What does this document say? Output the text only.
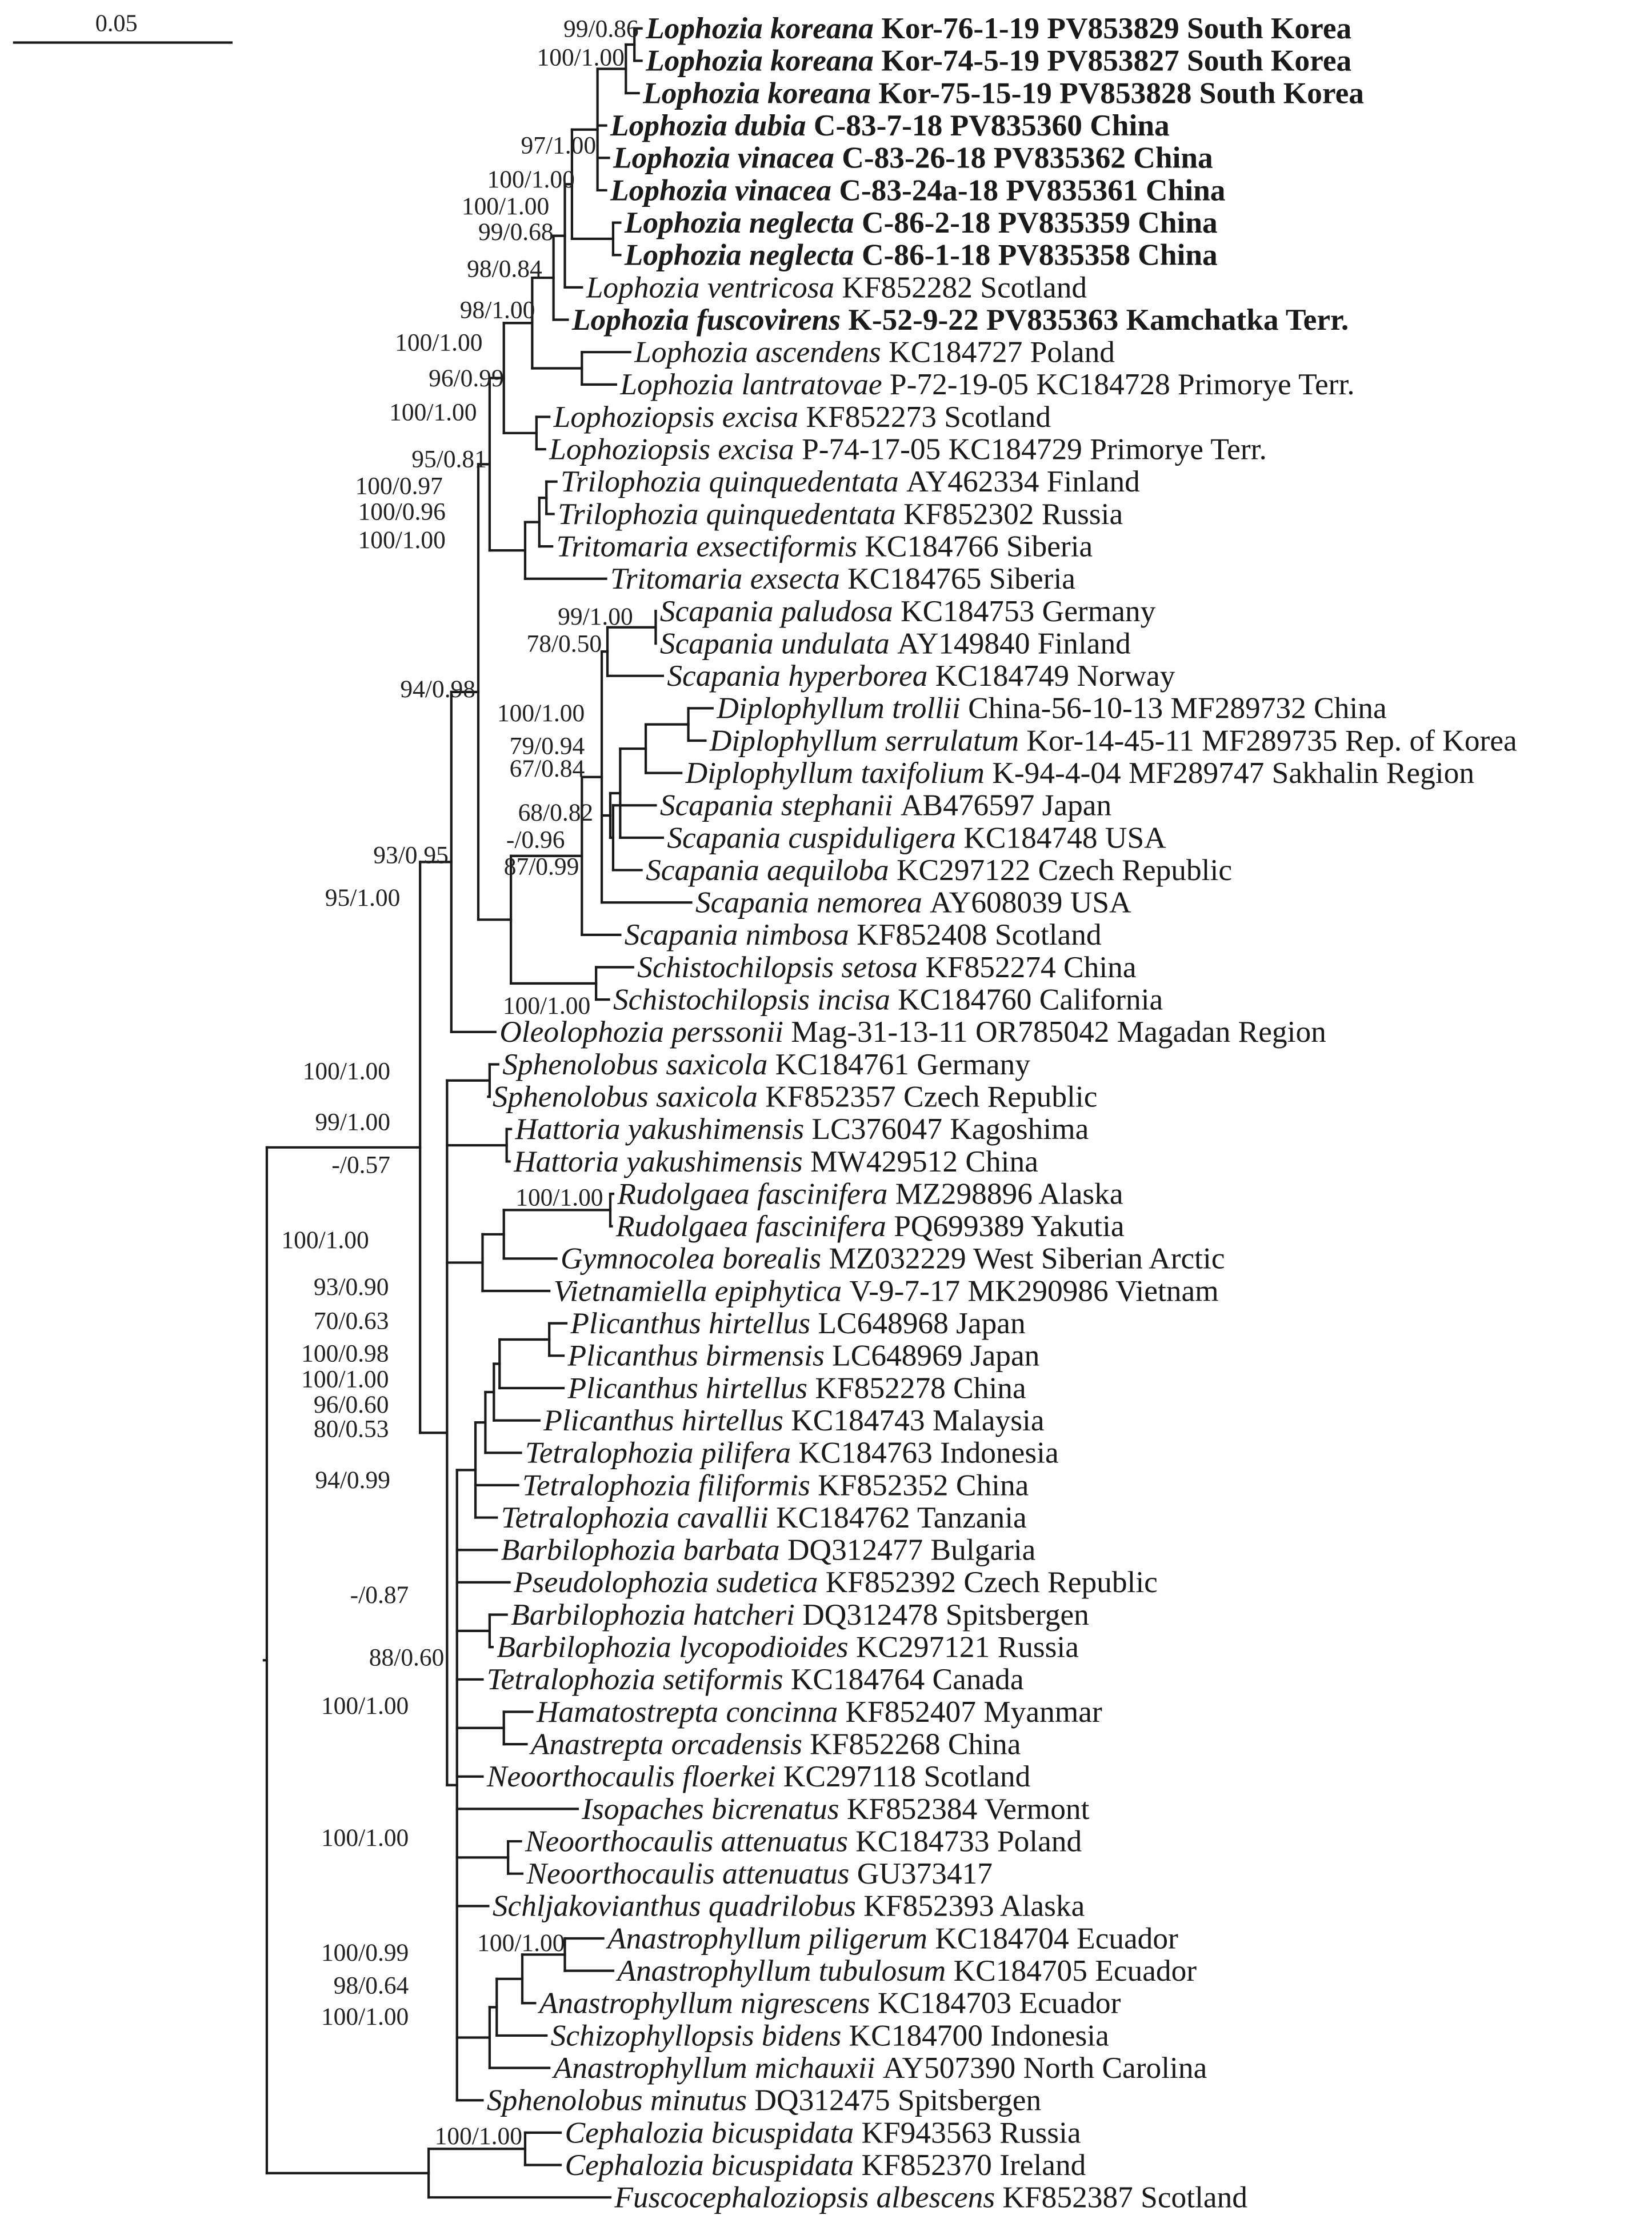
0.05	Lophozia koreana Kor-76-1-19 PV853829 South Korea
Lophozia koreana Kor-74-5-19 PV853827 South Korea
Lophozia koreana Kor-75-15-19 PV853828 South Korea
Lophozia dubia C-83-7-18 PV835360 China
Lophozia vinacea C-83-26-18 PV835362 China
Lophozia vinacea C-83-24a-18 PV835361 China
Lophozia neglecta C-86-2-18 PV835359 China
Lophozia neglecta C-86-1-18 PV835358 China
Lophozia ventricosa KF852282 Scotland
Lophozia fuscovirens K-52-9-22 PV835363 Kamchatka Terr.
Lophozia ascendens KC184727 Poland
Lophozia lantratovae P-72-19-05 KC184728 Primorye Terr.
Lophoziopsis excisa KF852273 Scotland
Lophoziopsis excisa P-74-17-05 KC184729 Primorye Terr.
Trilophozia quinquedentata AY462334 Finland
Trilophozia quinquedentata KF852302 Russia
Tritomaria exsectiformis KC184766 Siberia
Tritomaria exsecta KC184765 Siberia
Scapania paludosa KC184753 Germany
Scapania undulata AY149840 Finland
Scapania hyperborea KC184749 Norway
Diplophyllum trollii China-56-10-13 MF289732 China
Diplophyllum serrulatum Kor-14-45-11 MF289735 Rep. of Korea
Diplophyllum taxifolium K-94-4-04 MF289747 Sakhalin Region
Scapania stephanii AB476597 Japan
Scapania cuspiduligera KC184748 USA
Scapania aequiloba KC297122 Czech Republic
Scapania nemorea AY608039 USA
Scapania nimbosa KF852408 Scotland
Schistochilopsis setosa KF852274 China
Schistochilopsis incisa KC184760 California
Oleolophozia perssonii Mag-31-13-11 OR785042 Magadan Region
Sphenolobus saxicola KC184761 Germany
Sphenolobus saxicola KF852357 Czech Republic
Hattoria yakushimensis LC376047 Kagoshima
Hattoria yakushimensis MW429512 China
Rudolgaea fascinifera MZ298896 Alaska
Rudolgaea fascinifera PQ699389 Yakutia
Gymnocolea borealis MZ032229 West Siberian Arctic
Vietnamiella epiphytica V-9-7-17 MK290986 Vietnam
Plicanthus hirtellus LC648968 Japan
Plicanthus birmensis LC648969 Japan
Plicanthus hirtellus KF852278 China
Plicanthus hirtellus KC184743 Malaysia
Tetralophozia pilifera KC184763 Indonesia
Tetralophozia filiformis KF852352 China
Tetralophozia cavallii KC184762 Tanzania
Barbilophozia barbata DQ312477 Bulgaria
Pseudolophozia sudetica KF852392 Czech Republic
Barbilophozia hatcheri DQ312478 Spitsbergen
Barbilophozia lycopodioides KC297121 Russia
Tetralophozia setiformis KC184764 Canada
Hamatostrepta concinna KF852407 Myanmar
Anastrepta orcadensis KF852268 China
Neoorthocaulis floerkei KC297118 Scotland
Isopaches bicrenatus KF852384 Vermont
Neoorthocaulis attenuatus KC184733 Poland
Neoorthocaulis attenuatus GU373417
Schljakovianthus quadrilobus KF852393 Alaska
Anastrophyllum piligerum KC184704 Ecuador
Anastrophyllum tubulosum KC184705 Ecuador
Anastrophyllum nigrescens KC184703 Ecuador
Schizophyllopsis bidens KC184700 Indonesia
Anastrophyllum michauxii AY507390 North Carolina
Sphenolobus minutus DQ312475 Spitsbergen
Cephalozia bicuspidata KF943563 Russia
Cephalozia bicuspidata KF852370 Ireland
Fuscocephaloziopsis albescens KF852387 Scotland
99/0.86
100/1.00
97/1.00
100/1.00
100/1.00
99/0.68
98/0.84
98/1.00
100/1.00
96/0.99
100/1.00
95/0.81
100/0.97
100/0.96
100/1.00
99/1.00
78/0.50
94/0.98
100/1.00
79/0.94
67/0.84
68/0.82
-/0.96
87/0.99
93/0.95
95/1.00
100/1.00
100/1.00
99/1.00
-/0.57
100/1.00
100/1.00
93/0.90
70/0.63
100/0.98
100/1.00
96/0.60
80/0.53
94/0.99
-/0.87
88/0.60
100/1.00
100/1.00
100/1.00
100/0.99
98/0.64
100/1.00
100/1.00
